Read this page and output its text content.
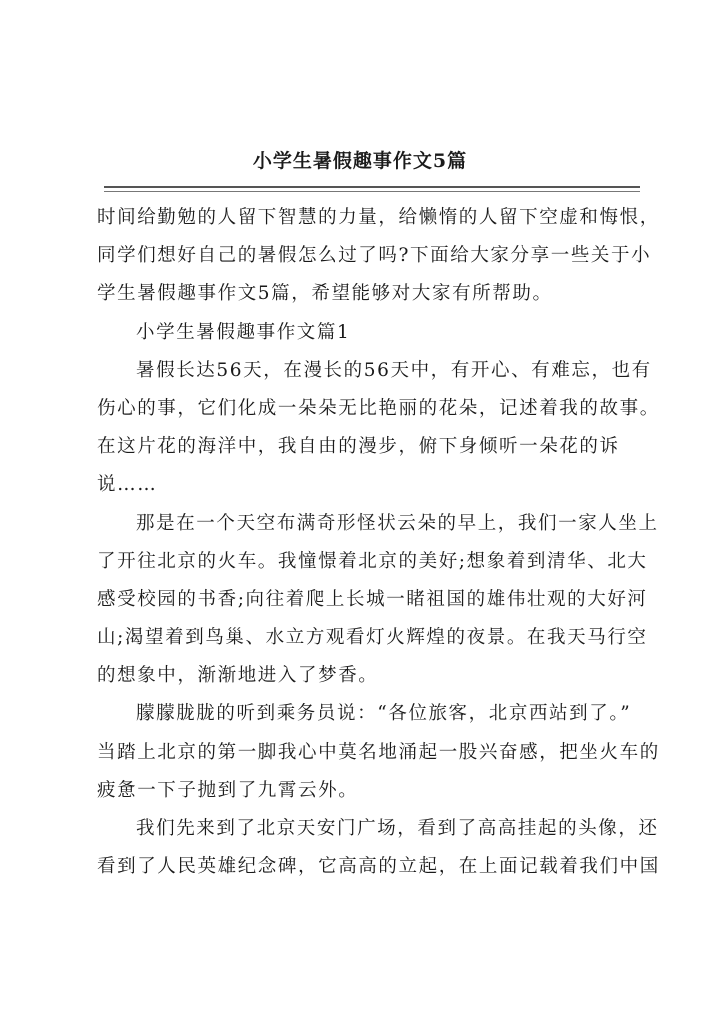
小学生暑假趣事作文5篇
时间给勤勉的人留下智慧的力量，给懒惰的人留下空虚和悔恨，
同学们想好自己的暑假怎么过了吗?下面给大家分享一些关于小
学生暑假趣事作文5篇，希望能够对大家有所帮助。
小学生暑假趣事作文篇1
暑假长达56天，在漫长的56天中，有开心、有难忘，也有
伤心的事，它们化成一朵朵无比艳丽的花朵，记述着我的故事。
在这片花的海洋中，我自由的漫步，俯下身倾听一朵花的诉
说……
那是在一个天空布满奇形怪状云朵的早上，我们一家人坐上
了开往北京的火车。我憧憬着北京的美好;想象着到清华、北大
感受校园的书香;向往着爬上长城一睹祖国的雄伟壮观的大好河
山;渴望着到鸟巢、水立方观看灯火辉煌的夜景。在我天马行空
的想象中，渐渐地进入了梦香。
朦朦胧胧的听到乘务员说：“各位旅客，北京西站到了。”
当踏上北京的第一脚我心中莫名地涌起一股兴奋感，把坐火车的
疲惫一下子抛到了九霄云外。
我们先来到了北京天安门广场，看到了高高挂起的头像，还
看到了人民英雄纪念碑，它高高的立起，在上面记载着我们中国
